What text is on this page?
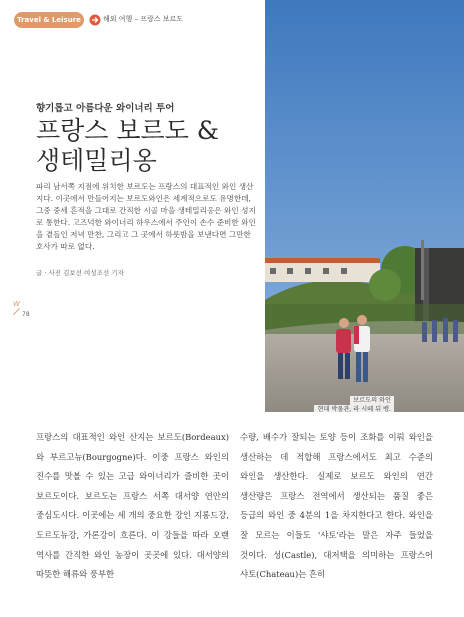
Travel & Leisure	해외 여행 – 프랑스 보르도
향기롭고 아름다운 와이너리 투어
프랑스 보르도 &
생테밀리옹
파리 남서쪽 지점에 위치한 보르도는 프랑스의 대표적인 와인 생산지다. 이곳에서 만들어지는 보르도와인은 세계적으로도 유명한데, 그중 중세 흔적을 그대로 간직한 시골 마을 생테밀리옹은 와인 성지로 통한다. 고즈넉한 와이너리 하우스에서 주인이 손수 준비한 와인을 곁들인 저녁 만찬, 그리고 그 곳에서 하룻밤을 보낸다면 그만한 호사가 따로 없다.
글 · 사진 김보선 여성조선 기자
W
78
보르도의 와인
현대 박물관, 라 시떼 뒤 뱅.
프랑스의 대표적인 와인 산지는 보르도(Bordeaux)와 부르고뉴(Bourgogne)다. 이중 프랑스 와인의 진수를 맛볼 수 있는 고급 와이너리가 즐비한 곳이 보르도이다. 보르도는 프랑스 서쪽 대서양 연안의 중심도시다. 이곳에는 세 개의 중요한 강인 지롱드강, 도르도뉴강, 가론강이 흐른다. 이 강들을 따라 오랜 역사를 간직한 와인 농장이 곳곳에 있다. 대서양의 따뜻한 해류와 풍부한
수량, 배수가 잘되는 토양 등이 조화를 이뤄 와인을 생산하는 데 적합해 프랑스에서도 최고 수준의 와인을 생산한다. 실제로 보르도 와인의 연간 생산량은 프랑스 전역에서 생산되는 품질 좋은 등급의 와인 중 4분의 1을 차지한다고 한다. 와인을 잘 모르는 이들도 '샤토'라는 말은 자주 들었을 것이다. 성(Castle), 대저택을 의미하는 프랑스어 샤토(Chateau)는 흔히
